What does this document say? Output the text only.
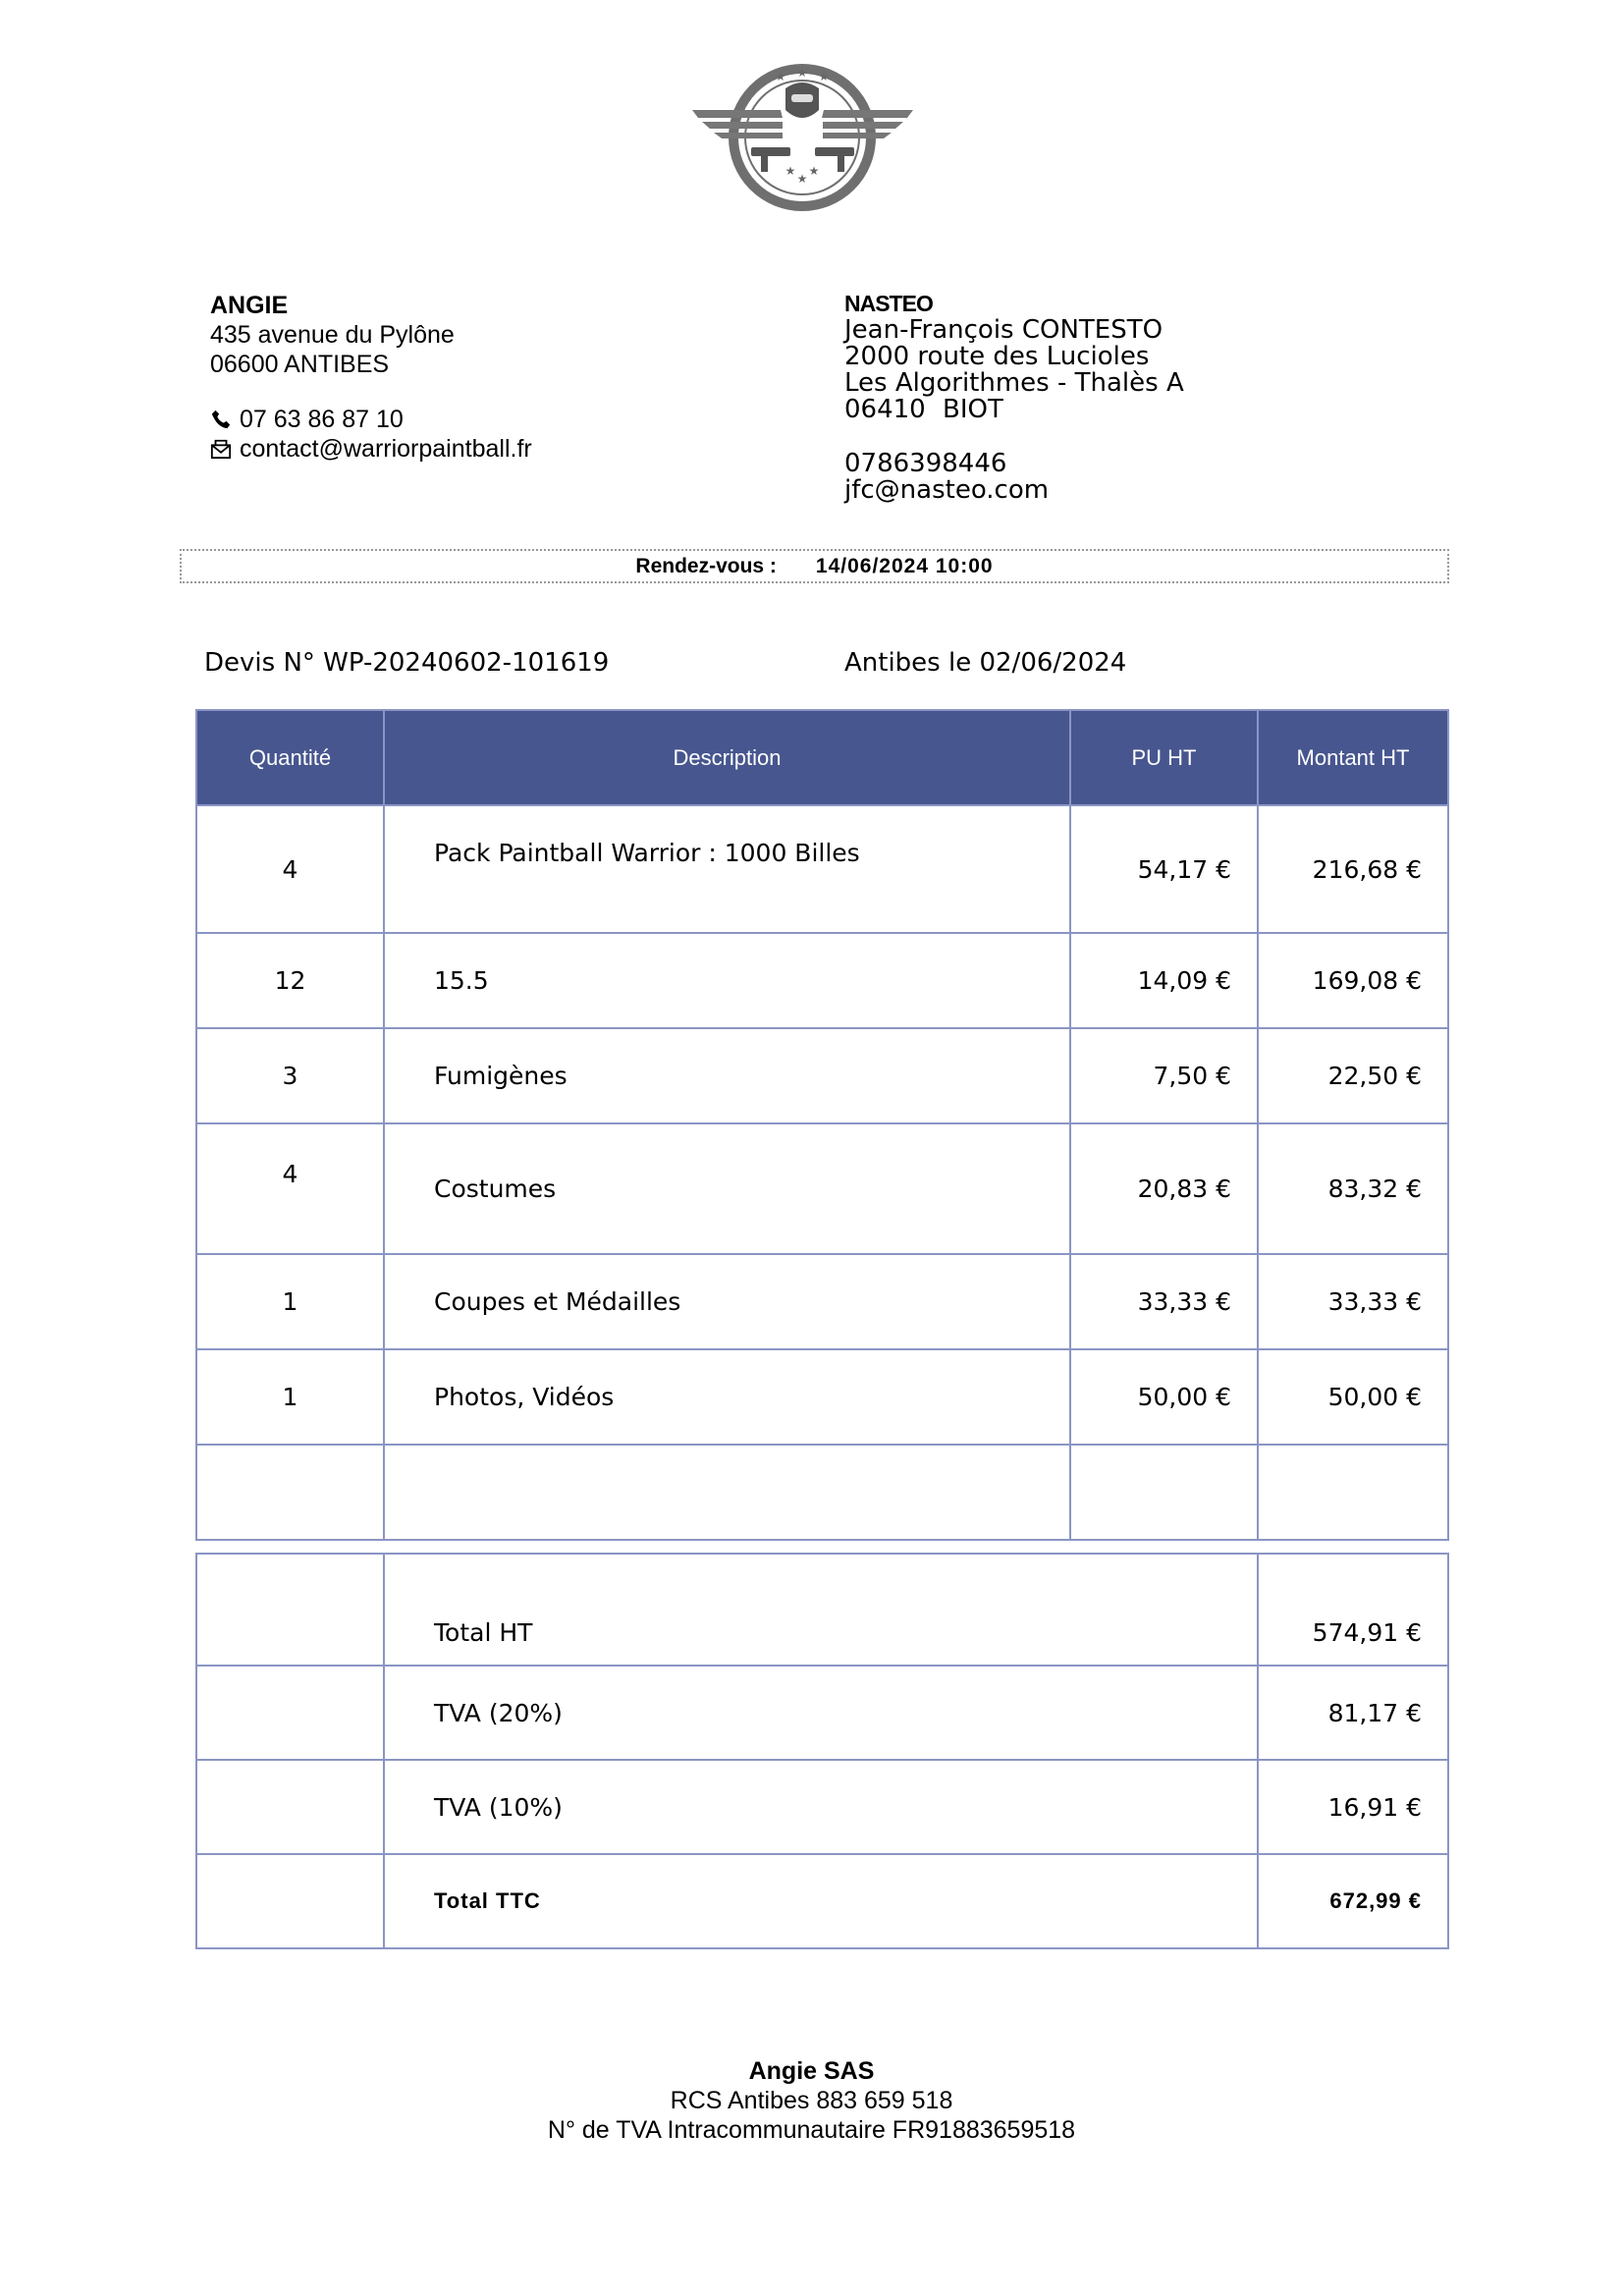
★
★	★
★ ★
★
ANGIE
435 avenue du Pylône
06600 ANTIBES
07 63 86 87 10
contact@warriorpaintball.fr
NASTEO
Jean-François CONTESTO
2000 route des Lucioles
Les Algorithmes - Thalès A
06410 BIOT
0786398446
jfc@nasteo.com
Rendez-vous : 14/06/2024 10:00
Devis N° WP-20240602-101619	Antibes le 02/06/2024
Quantité	Description	PU HT	Montant HT
4	Pack Paintball Warrior : 1000 Billes	54,17 €	216,68 €
12	15.5	14,09 €	169,08 €
3	Fumigènes	7,50 €	22,50 €
4	Costumes	20,83 €	83,32 €
1	Coupes et Médailles	33,33 €	33,33 €
1	Photos, Vidéos	50,00 €	50,00 €

	Total HT	574,91 €
	TVA (20%)	81,17 €
	TVA (10%)	16,91 €
	Total TTC	672,99 €
Angie SAS
RCS Antibes 883 659 518
N° de TVA Intracommunautaire FR91883659518
